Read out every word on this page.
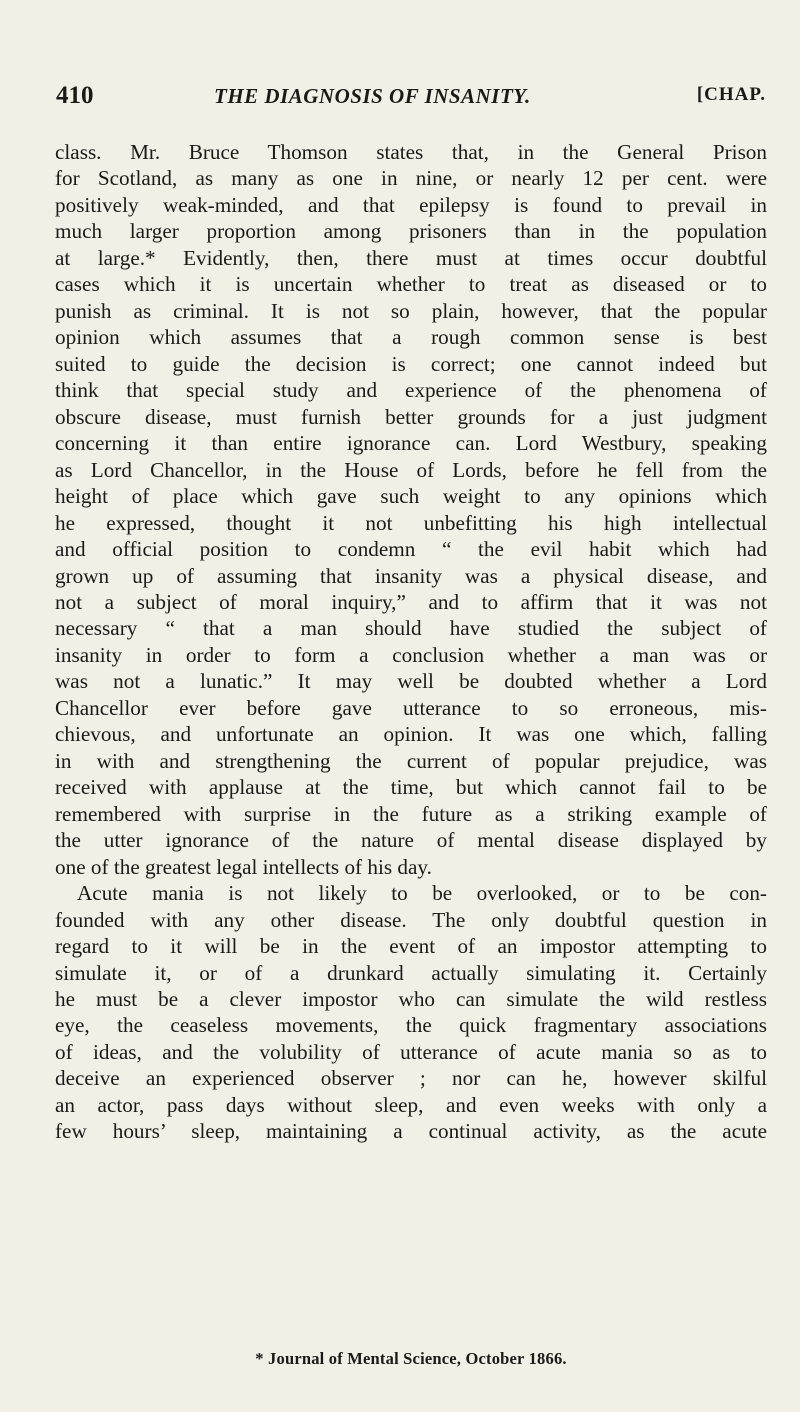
410	THE DIAGNOSIS OF INSANITY.	[CHAP.
class. Mr. Bruce Thomson states that, in the General Prison
for Scotland, as many as one in nine, or nearly 12 per cent. were
positively weak-minded, and that epilepsy is found to prevail in
much larger proportion among prisoners than in the population
at large.* Evidently, then, there must at times occur doubtful
cases which it is uncertain whether to treat as diseased or to
punish as criminal. It is not so plain, however, that the popular
opinion which assumes that a rough common sense is best
suited to guide the decision is correct; one cannot indeed but
think that special study and experience of the phenomena of
obscure disease, must furnish better grounds for a just judgment
concerning it than entire ignorance can. Lord Westbury, speaking
as Lord Chancellor, in the House of Lords, before he fell from the
height of place which gave such weight to any opinions which
he expressed, thought it not unbefitting his high intellectual
and official position to condemn “ the evil habit which had
grown up of assuming that insanity was a physical disease, and
not a subject of moral inquiry,” and to affirm that it was not
necessary “ that a man should have studied the subject of
insanity in order to form a conclusion whether a man was or
was not a lunatic.” It may well be doubted whether a Lord
Chancellor ever before gave utterance to so erroneous, mis-
chievous, and unfortunate an opinion. It was one which, falling
in with and strengthening the current of popular prejudice, was
received with applause at the time, but which cannot fail to be
remembered with surprise in the future as a striking example of
the utter ignorance of the nature of mental disease displayed by
one of the greatest legal intellects of his day.
Acute mania is not likely to be overlooked, or to be con-
founded with any other disease. The only doubtful question in
regard to it will be in the event of an impostor attempting to
simulate it, or of a drunkard actually simulating it. Certainly
he must be a clever impostor who can simulate the wild restless
eye, the ceaseless movements, the quick fragmentary associations
of ideas, and the volubility of utterance of acute mania so as to
deceive an experienced observer ; nor can he, however skilful
an actor, pass days without sleep, and even weeks with only a
few hours’ sleep, maintaining a continual activity, as the acute
* Journal of Mental Science, October 1866.
